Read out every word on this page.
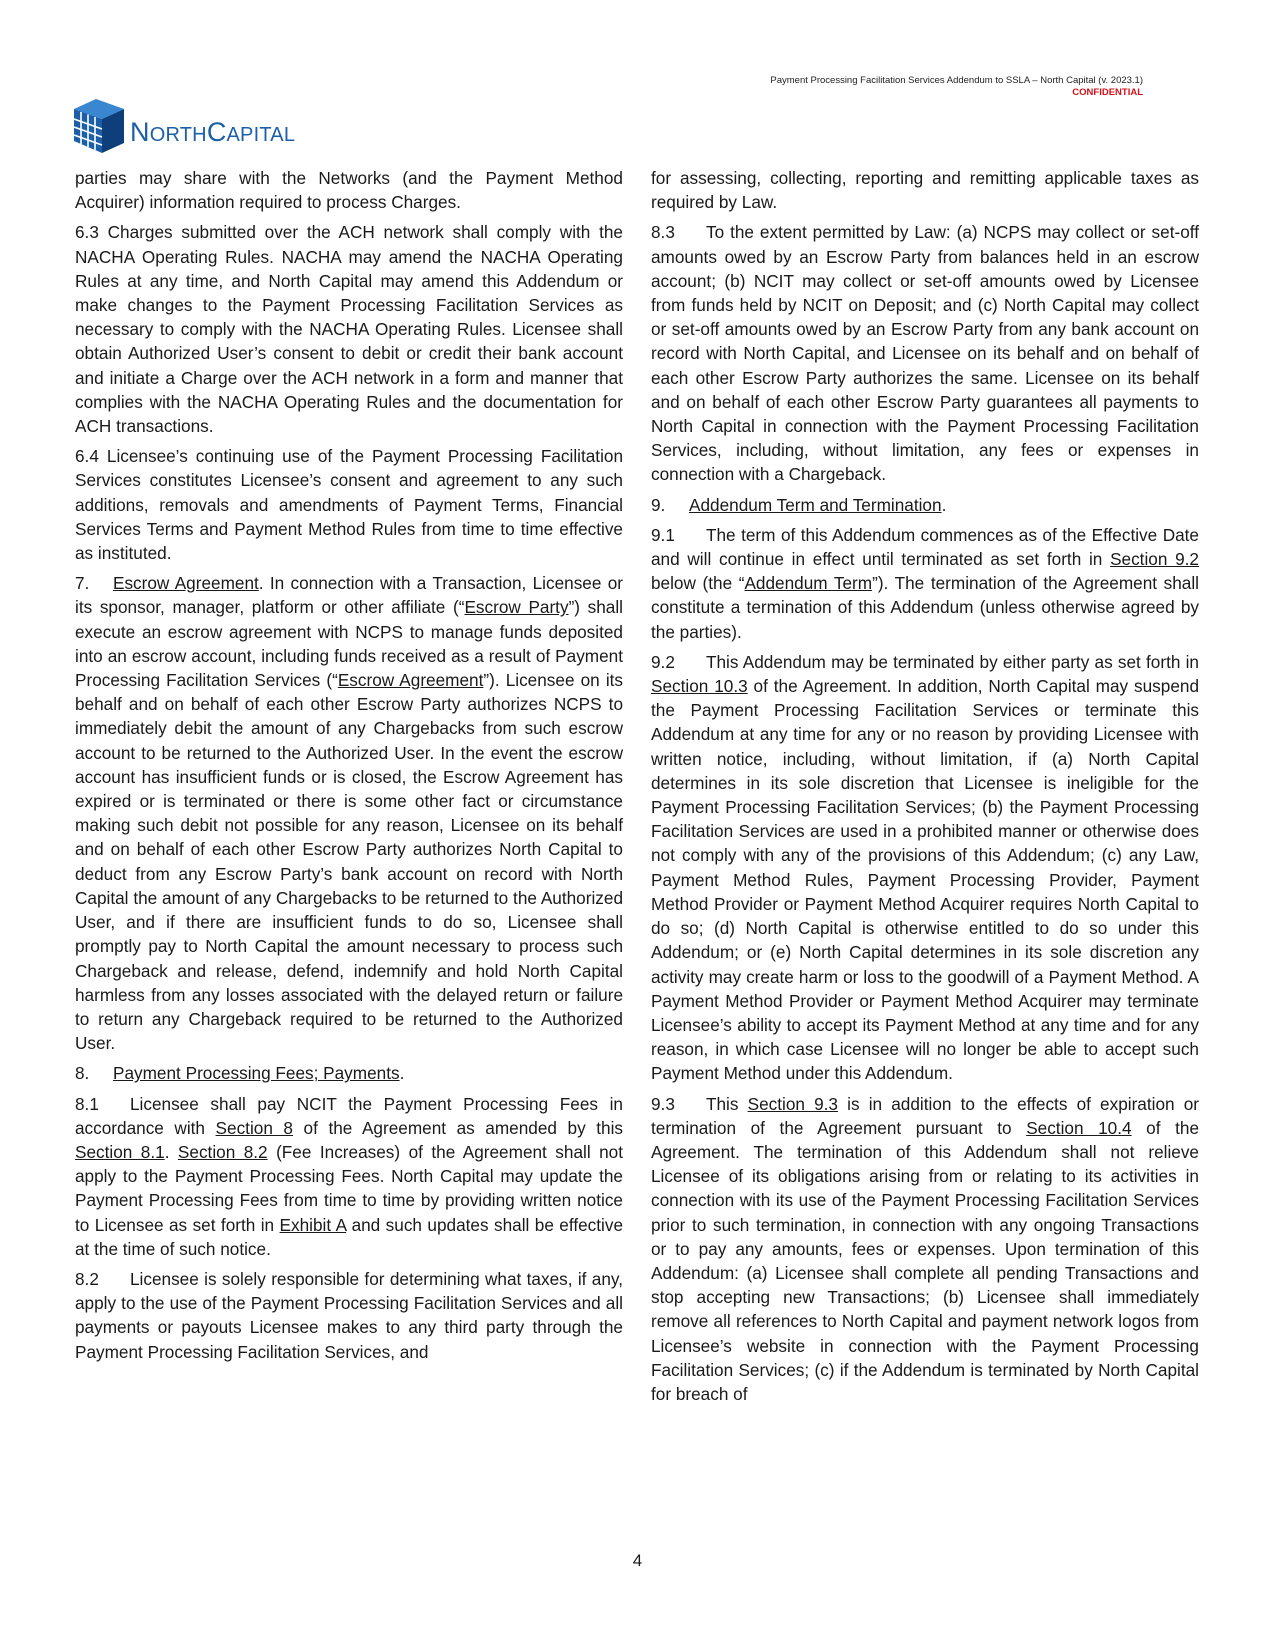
Payment Processing Facilitation Services Addendum to SSLA – North Capital (v. 2023.1)
CONFIDENTIAL
NORTHCAPITAL

parties may share with the Networks (and the Payment Method Acquirer) information required to process Charges.

6.3 Charges submitted over the ACH network shall comply with the NACHA Operating Rules. NACHA may amend the NACHA Operating Rules at any time, and North Capital may amend this Addendum or make changes to the Payment Processing Facilitation Services as necessary to comply with the NACHA Operating Rules. Licensee shall obtain Authorized User’s consent to debit or credit their bank account and initiate a Charge over the ACH network in a form and manner that complies with the NACHA Operating Rules and the documentation for ACH transactions.

6.4 Licensee’s continuing use of the Payment Processing Facilitation Services constitutes Licensee’s consent and agreement to any such additions, removals and amendments of Payment Terms, Financial Services Terms and Payment Method Rules from time to time effective as instituted.

7. Escrow Agreement. In connection with a Transaction, Licensee or its sponsor, manager, platform or other affiliate (“Escrow Party”) shall execute an escrow agreement with NCPS to manage funds deposited into an escrow account, including funds received as a result of Payment Processing Facilitation Services (“Escrow Agreement”). Licensee on its behalf and on behalf of each other Escrow Party authorizes NCPS to immediately debit the amount of any Chargebacks from such escrow account to be returned to the Authorized User. In the event the escrow account has insufficient funds or is closed, the Escrow Agreement has expired or is terminated or there is some other fact or circumstance making such debit not possible for any reason, Licensee on its behalf and on behalf of each other Escrow Party authorizes North Capital to deduct from any Escrow Party’s bank account on record with North Capital the amount of any Chargebacks to be returned to the Authorized User, and if there are insufficient funds to do so, Licensee shall promptly pay to North Capital the amount necessary to process such Chargeback and release, defend, indemnify and hold North Capital harmless from any losses associated with the delayed return or failure to return any Chargeback required to be returned to the Authorized User.

8. Payment Processing Fees; Payments.

8.1 Licensee shall pay NCIT the Payment Processing Fees in accordance with Section 8 of the Agreement as amended by this Section 8.1. Section 8.2 (Fee Increases) of the Agreement shall not apply to the Payment Processing Fees. North Capital may update the Payment Processing Fees from time to time by providing written notice to Licensee as set forth in Exhibit A and such updates shall be effective at the time of such notice.

8.2 Licensee is solely responsible for determining what taxes, if any, apply to the use of the Payment Processing Facilitation Services and all payments or payouts Licensee makes to any third party through the Payment Processing Facilitation Services, and

for assessing, collecting, reporting and remitting applicable taxes as required by Law.

8.3 To the extent permitted by Law: (a) NCPS may collect or set-off amounts owed by an Escrow Party from balances held in an escrow account; (b) NCIT may collect or set-off amounts owed by Licensee from funds held by NCIT on Deposit; and (c) North Capital may collect or set-off amounts owed by an Escrow Party from any bank account on record with North Capital, and Licensee on its behalf and on behalf of each other Escrow Party authorizes the same. Licensee on its behalf and on behalf of each other Escrow Party guarantees all payments to North Capital in connection with the Payment Processing Facilitation Services, including, without limitation, any fees or expenses in connection with a Chargeback.

9. Addendum Term and Termination.

9.1 The term of this Addendum commences as of the Effective Date and will continue in effect until terminated as set forth in Section 9.2 below (the “Addendum Term”). The termination of the Agreement shall constitute a termination of this Addendum (unless otherwise agreed by the parties).

9.2 This Addendum may be terminated by either party as set forth in Section 10.3 of the Agreement. In addition, North Capital may suspend the Payment Processing Facilitation Services or terminate this Addendum at any time for any or no reason by providing Licensee with written notice, including, without limitation, if (a) North Capital determines in its sole discretion that Licensee is ineligible for the Payment Processing Facilitation Services; (b) the Payment Processing Facilitation Services are used in a prohibited manner or otherwise does not comply with any of the provisions of this Addendum; (c) any Law, Payment Method Rules, Payment Processing Provider, Payment Method Provider or Payment Method Acquirer requires North Capital to do so; (d) North Capital is otherwise entitled to do so under this Addendum; or (e) North Capital determines in its sole discretion any activity may create harm or loss to the goodwill of a Payment Method. A Payment Method Provider or Payment Method Acquirer may terminate Licensee’s ability to accept its Payment Method at any time and for any reason, in which case Licensee will no longer be able to accept such Payment Method under this Addendum.

9.3 This Section 9.3 is in addition to the effects of expiration or termination of the Agreement pursuant to Section 10.4 of the Agreement. The termination of this Addendum shall not relieve Licensee of its obligations arising from or relating to its activities in connection with its use of the Payment Processing Facilitation Services prior to such termination, in connection with any ongoing Transactions or to pay any amounts, fees or expenses. Upon termination of this Addendum: (a) Licensee shall complete all pending Transactions and stop accepting new Transactions; (b) Licensee shall immediately remove all references to North Capital and payment network logos from Licensee’s website in connection with the Payment Processing Facilitation Services; (c) if the Addendum is terminated by North Capital for breach of

4
